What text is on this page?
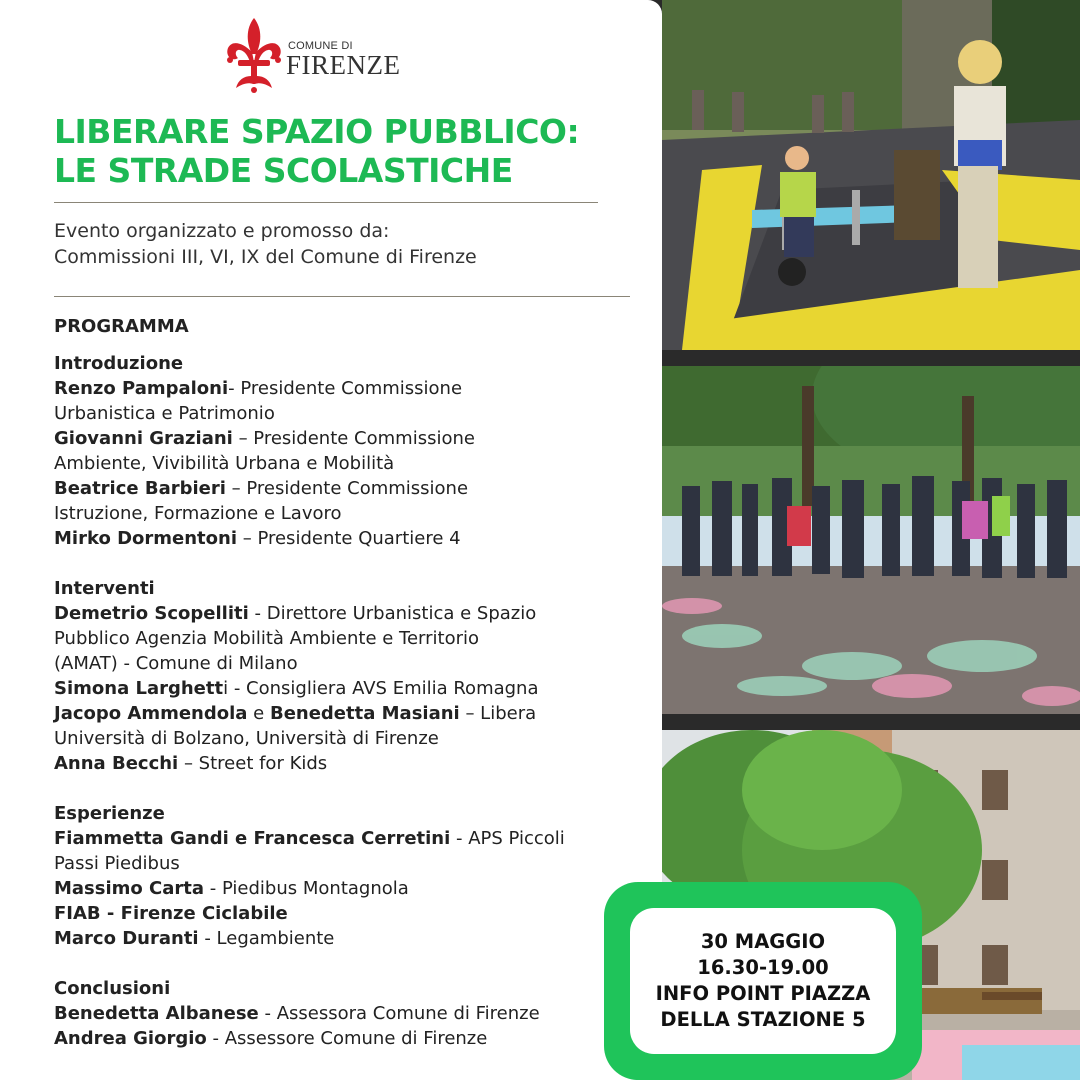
COMUNE DI
FIRENZE
LIBERARE SPAZIO PUBBLICO:
LE STRADE SCOLASTICHE
Evento organizzato e promosso da:
Commissioni III, VI, IX del Comune di Firenze
PROGRAMMA
Introduzione
Renzo Pampaloni- Presidente Commissione
Urbanistica e Patrimonio
Giovanni Graziani – Presidente Commissione
Ambiente, Vivibilità Urbana e Mobilità
Beatrice Barbieri – Presidente Commissione
Istruzione, Formazione e Lavoro
Mirko Dormentoni – Presidente Quartiere 4
Interventi
Demetrio Scopelliti - Direttore Urbanistica e Spazio
Pubblico Agenzia Mobilità Ambiente e Territorio
(AMAT) - Comune di Milano
Simona Larghetti - Consigliera AVS Emilia Romagna
Jacopo Ammendola e Benedetta Masiani – Libera
Università di Bolzano, Università di Firenze
Anna Becchi – Street for Kids
Esperienze
Fiammetta Gandi e Francesca Cerretini - APS Piccoli
Passi Piedibus
Massimo Carta - Piedibus Montagnola
FIAB - Firenze Ciclabile
Marco Duranti - Legambiente
Conclusioni
Benedetta Albanese - Assessora Comune di Firenze
Andrea Giorgio - Assessore Comune di Firenze
30 MAGGIO
16.30-19.00
INFO POINT PIAZZA
DELLA STAZIONE 5
